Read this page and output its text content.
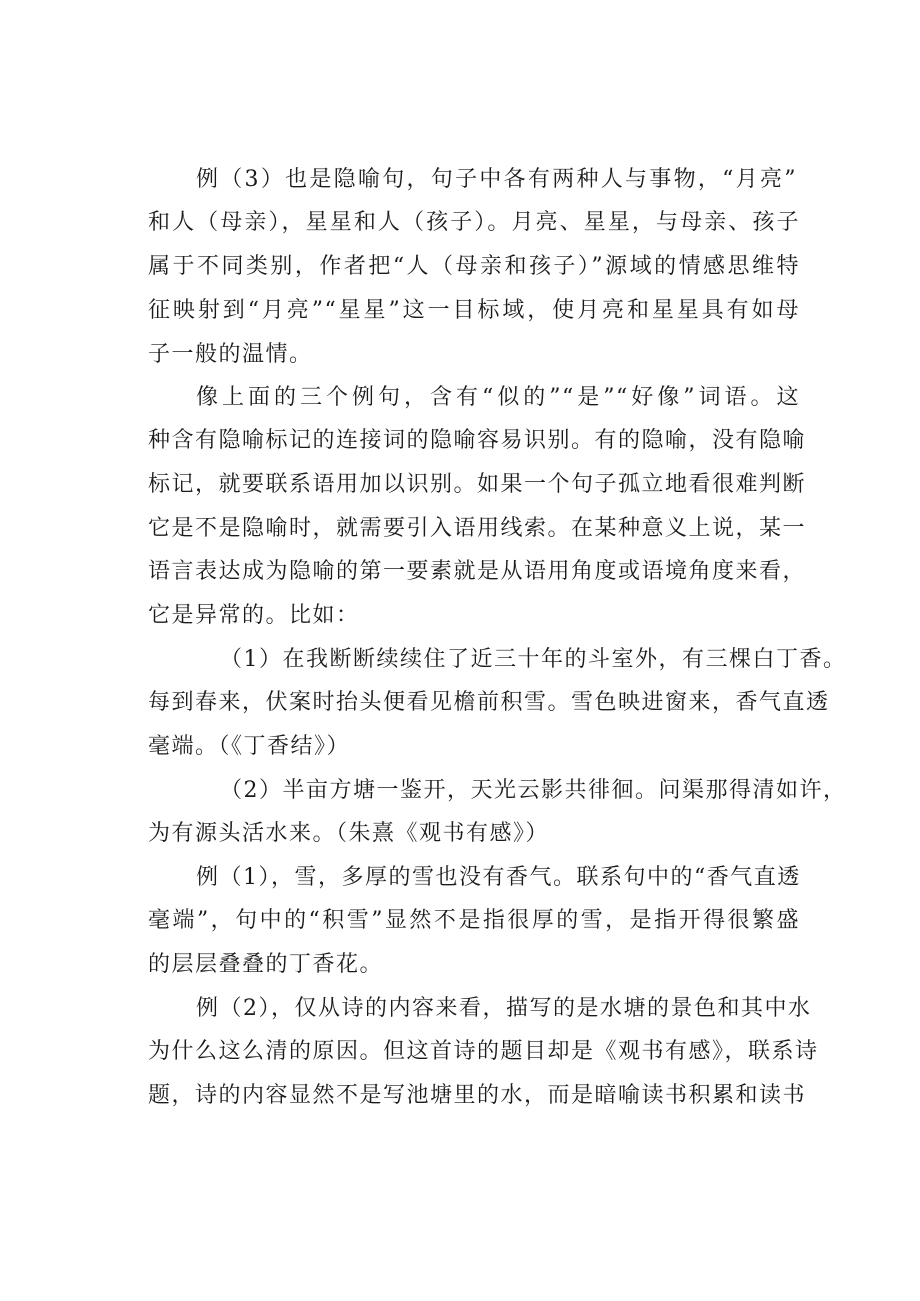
例（3）也是隐喻句，句子中各有两种人与事物，“月亮”
和人（母亲），星星和人（孩子）。月亮、星星，与母亲、孩子
属于不同类别，作者把“人（母亲和孩子）”源域的情感思维特
征映射到“月亮”“星星”这一目标域，使月亮和星星具有如母
子一般的温情。
像上面的三个例句，含有“似的”“是”“好像”词语。这
种含有隐喻标记的连接词的隐喻容易识别。有的隐喻，没有隐喻
标记，就要联系语用加以识别。如果一个句子孤立地看很难判断
它是不是隐喻时，就需要引入语用线索。在某种意义上说，某一
语言表达成为隐喻的第一要素就是从语用角度或语境角度来看，
它是异常的。比如：
（1）在我断断续续住了近三十年的斗室外，有三棵白丁香。
每到春来，伏案时抬头便看见檐前积雪。雪色映进窗来，香气直透
毫端。（《丁香结》）
（2）半亩方塘一鉴开，天光云影共徘徊。问渠那得清如许，
为有源头活水来。（朱熹《观书有感》）
例（1），雪，多厚的雪也没有香气。联系句中的“香气直透
毫端”，句中的“积雪”显然不是指很厚的雪，是指开得很繁盛
的层层叠叠的丁香花。
例（2），仅从诗的内容来看，描写的是水塘的景色和其中水
为什么这么清的原因。但这首诗的题目却是《观书有感》，联系诗
题，诗的内容显然不是写池塘里的水，而是暗喻读书积累和读书
